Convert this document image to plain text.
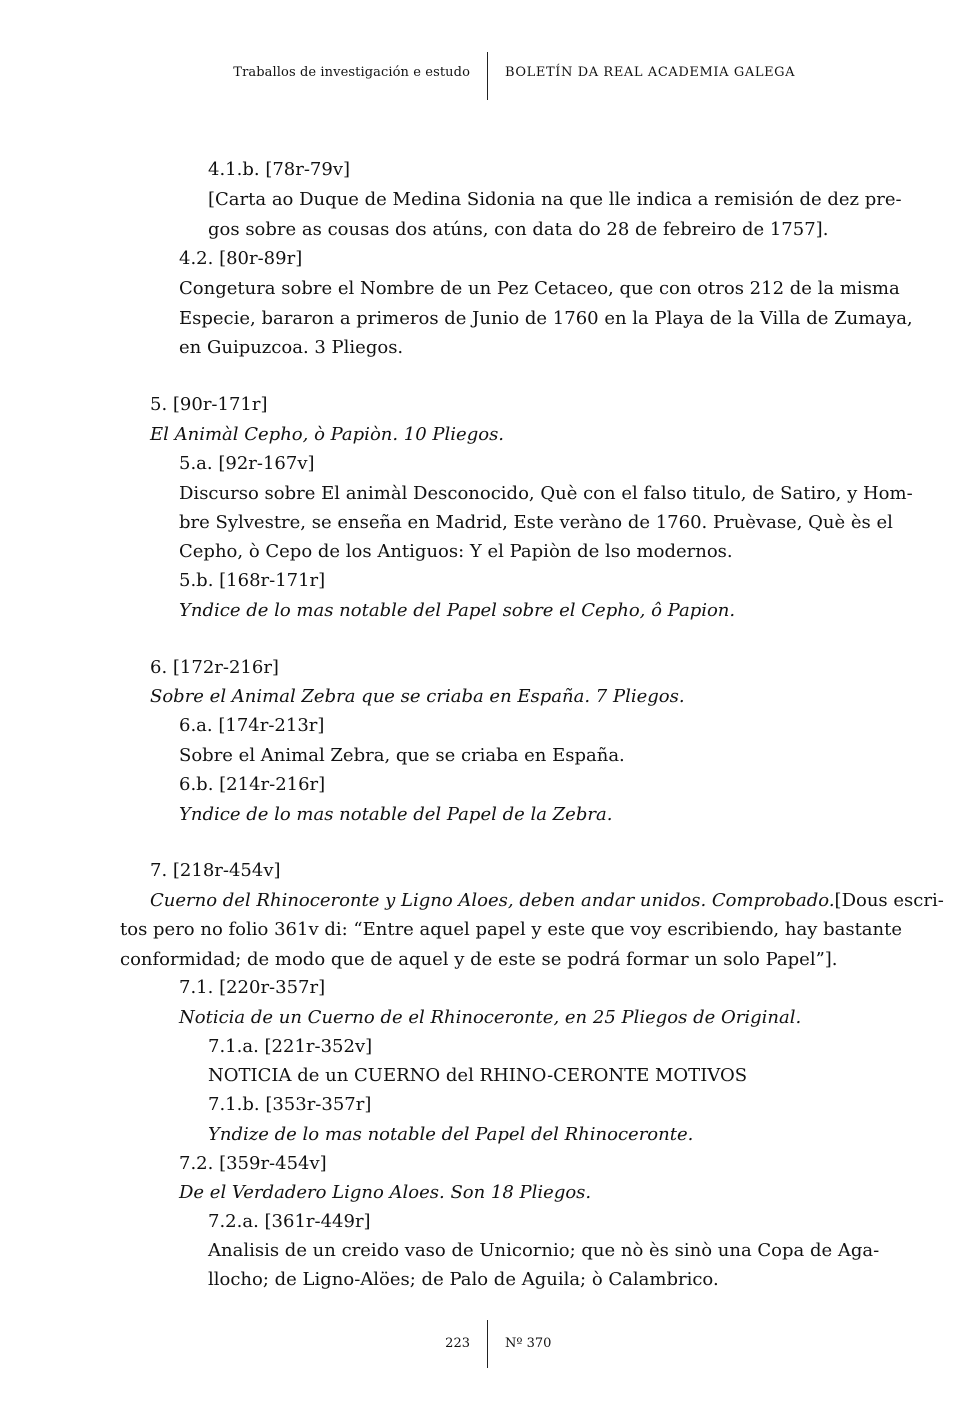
Traballos de investigación e estudo	BOLETÍN DA REAL ACADEMIA GALEGA
4.1.b. [78r-79v]
[Carta ao Duque de Medina Sidonia na que lle indica a remisión de dez pre-
gos sobre as cousas dos atúns, con data do 28 de febreiro de 1757].
4.2. [80r-89r]
Congetura sobre el Nombre de un Pez Cetaceo, que con otros 212 de la misma
Especie, bararon a primeros de Junio de 1760 en la Playa de la Villa de Zumaya,
en Guipuzcoa. 3 Pliegos.
5. [90r-171r]
El Animàl Cepho, ò Papiòn. 10 Pliegos.
5.a. [92r-167v]
Discurso sobre El animàl Desconocido, Què con el falso titulo, de Satiro, y Hom-
bre Sylvestre, se enseña en Madrid, Este veràno de 1760. Pruèvase, Què ès el
Cepho, ò Cepo de los Antiguos: Y el Papiòn de lso modernos.
5.b. [168r-171r]
Yndice de lo mas notable del Papel sobre el Cepho, ô Papion.
6. [172r-216r]
Sobre el Animal Zebra que se criaba en España. 7 Pliegos.
6.a. [174r-213r]
Sobre el Animal Zebra, que se criaba en España.
6.b. [214r-216r]
Yndice de lo mas notable del Papel de la Zebra.
7. [218r-454v]
Cuerno del Rhinoceronte y Ligno Aloes, deben andar unidos. Comprobado. [Dous escri-
tos pero no folio 361v di: “Entre aquel papel y este que voy escribiendo, hay bastante
conformidad; de modo que de aquel y de este se podrá formar un solo Papel”].
7.1. [220r-357r]
Noticia de un Cuerno de el Rhinoceronte, en 25 Pliegos de Original.
7.1.a. [221r-352v]
NOTICIA de un CUERNO del RHINO-CERONTE MOTIVOS
7.1.b. [353r-357r]
Yndize de lo mas notable del Papel del Rhinoceronte.
7.2. [359r-454v]
De el Verdadero Ligno Aloes. Son 18 Pliegos.
7.2.a. [361r-449r]
Analisis de un creido vaso de Unicornio; que nò ès sinò una Copa de Aga-
llocho; de Ligno-Alöes; de Palo de Aguila; ò Calambrico.
223	Nº 370
